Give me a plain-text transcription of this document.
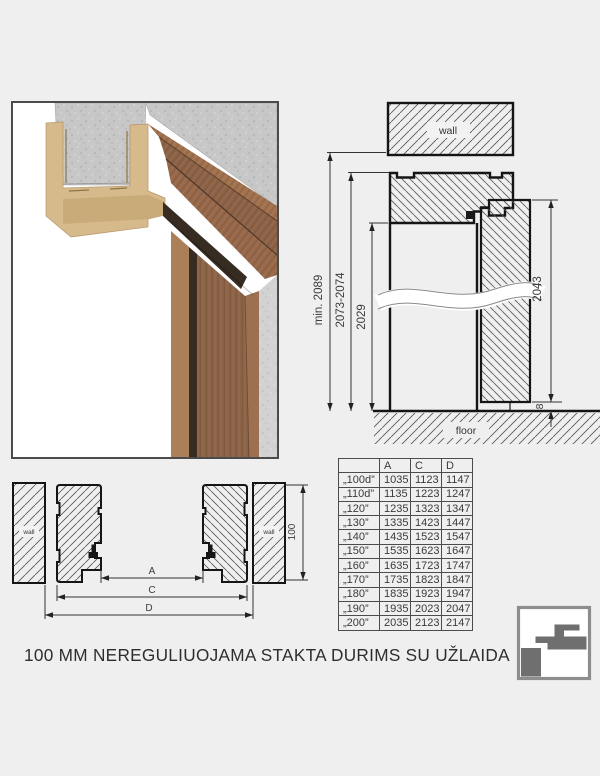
wall
floor
min. 2089 2073-2074 2029
2043
8
wall	wall 100
A
C
D
	A	C	D
„100d”	1035	1123	1147
„110d”	1135	1223	1247
„120”	1235	1323	1347
„130”	1335	1423	1447
„140”	1435	1523	1547
„150”	1535	1623	1647
„160”	1635	1723	1747
„170”	1735	1823	1847
„180”	1835	1923	1947
„190”	1935	2023	2047
„200”	2035	2123	2147
100 MM NEREGULIUOJAMA STAKTA DURIMS SU UŽLAIDA
